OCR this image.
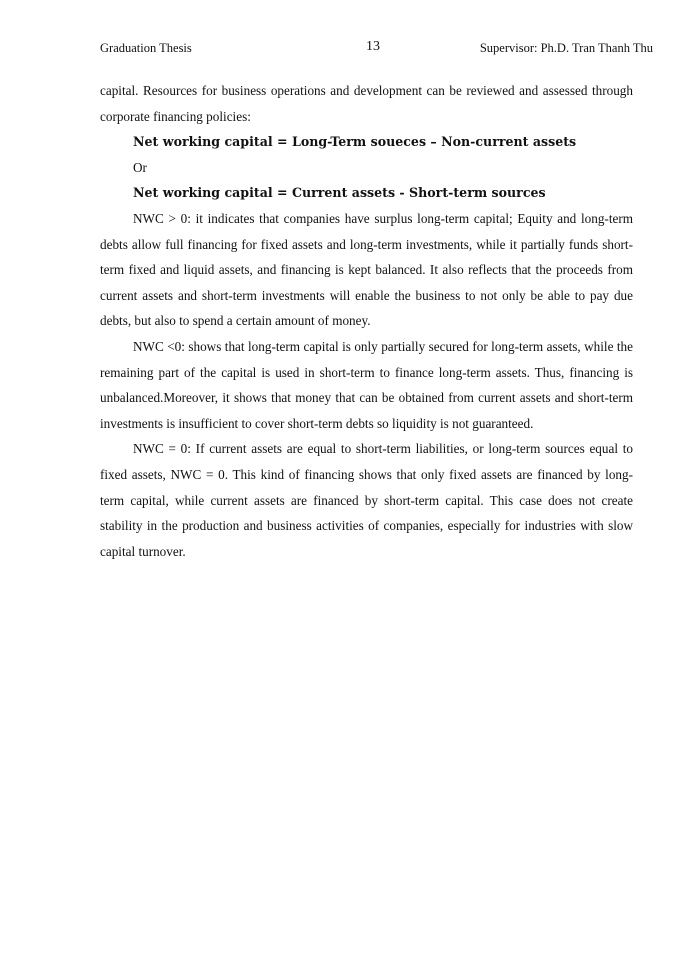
Graduation Thesis	13	Supervisor: Ph.D. Tran Thanh Thu

capital. Resources for business operations and development can be reviewed and assessed through corporate financing policies:

Net working capital = Long-Term soueces – Non-current assets

Or

Net working capital = Current assets - Short-term sources

NWC > 0: it indicates that companies have surplus long-term capital; Equity and long-term debts allow full financing for fixed assets and long-term investments, while it partially funds short-term fixed and liquid assets, and financing is kept balanced. It also reflects that the proceeds from current assets and short-term investments will enable the business to not only be able to pay due debts, but also to spend a certain amount of money.

NWC <0: shows that long-term capital is only partially secured for long-term assets, while the remaining part of the capital is used in short-term to finance long-term assets. Thus, financing is unbalanced.Moreover, it shows that money that can be obtained from current assets and short-term investments is insufficient to cover short-term debts so liquidity is not guaranteed.

NWC = 0: If current assets are equal to short-term liabilities, or long-term sources equal to fixed assets, NWC = 0. This kind of financing shows that only fixed assets are financed by long-term capital, while current assets are financed by short-term capital. This case does not create stability in the production and business activities of companies, especially for industries with slow capital turnover.
